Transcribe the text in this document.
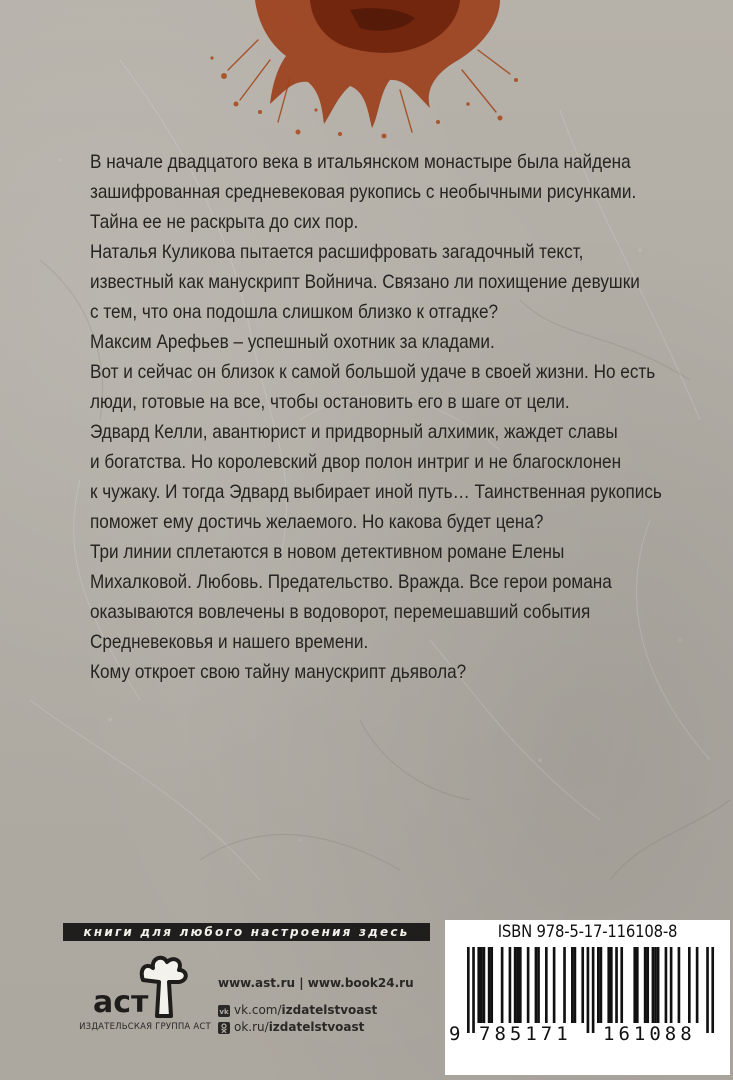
В начале двадцатого века в итальянском монастыре была найдена
зашифрованная средневековая рукопись с необычными рисунками.
Тайна ее не раскрыта до сих пор.
Наталья Куликова пытается расшифровать загадочный текст,
известный как манускрипт Войнича. Связано ли похищение девушки
с тем, что она подошла слишком близко к отгадке?
Максим Арефьев – успешный охотник за кладами.
Вот и сейчас он близок к самой большой удаче в своей жизни. Но есть
люди, готовые на все, чтобы остановить его в шаге от цели.
Эдвард Келли, авантюрист и придворный алхимик, жаждет славы
и богатства. Но королевский двор полон интриг и не благосклонен
к чужаку. И тогда Эдвард выбирает иной путь… Таинственная рукопись
поможет ему достичь желаемого. Но какова будет цена?
Три линии сплетаются в новом детективном романе Елены
Михалковой. Любовь. Предательство. Вражда. Все герои романа
оказываются вовлечены в водоворот, перемешавший события
Средневековья и нашего времени.
Кому откроет свою тайну манускрипт дьявола?
книги для любого настроения здесь
аст
ИЗДАТЕЛЬСКАЯ ГРУППА АСТ
www.ast.ru | www.book24.ru
vk vk.com/ izdatelstvoast
ok.ru/ izdatelstvoast
ISBN 978-5-17-116108-8
9 785171 161088
